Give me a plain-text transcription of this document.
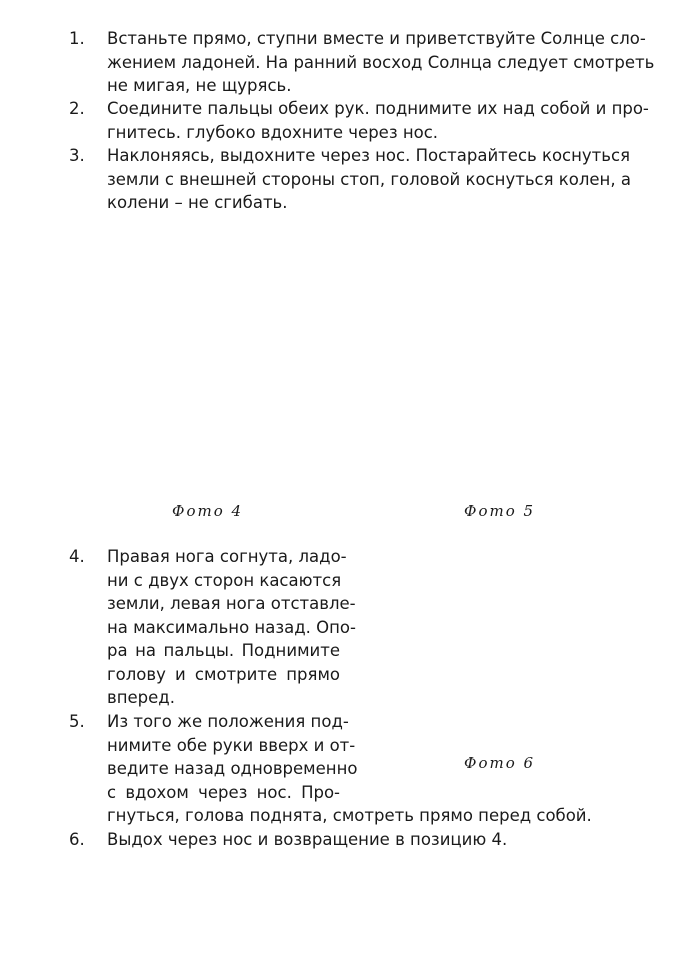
1. Встаньте прямо, ступни вместе и приветствуйте Солнце сло-
жением ладоней. На ранний восход Солнца следует смотреть
не мигая, не щурясь.
2. Соедините пальцы обеих рук. поднимите их над собой и про-
гнитесь. глубоко вдохните через нос.
3. Наклоняясь, выдохните через нос. Постарайтесь коснуться
земли с внешней стороны стоп, головой коснуться колен, а
колени – не сгибать.
Фото 4	Фото 5
Фото 6
4. Правая нога согнута, ладо-
ни с двух сторон касаются
земли, левая нога отставле-
на максимально назад. Опо-
ра на пальцы. Поднимите
голову и смотрите прямо
вперед.
5. Из того же положения под-
нимите обе руки вверх и от-
ведите назад одновременно
с вдохом через нос. Про-
гнуться, голова поднята, смотреть прямо перед собой.
6. Выдох через нос и возвращение в позицию 4.
